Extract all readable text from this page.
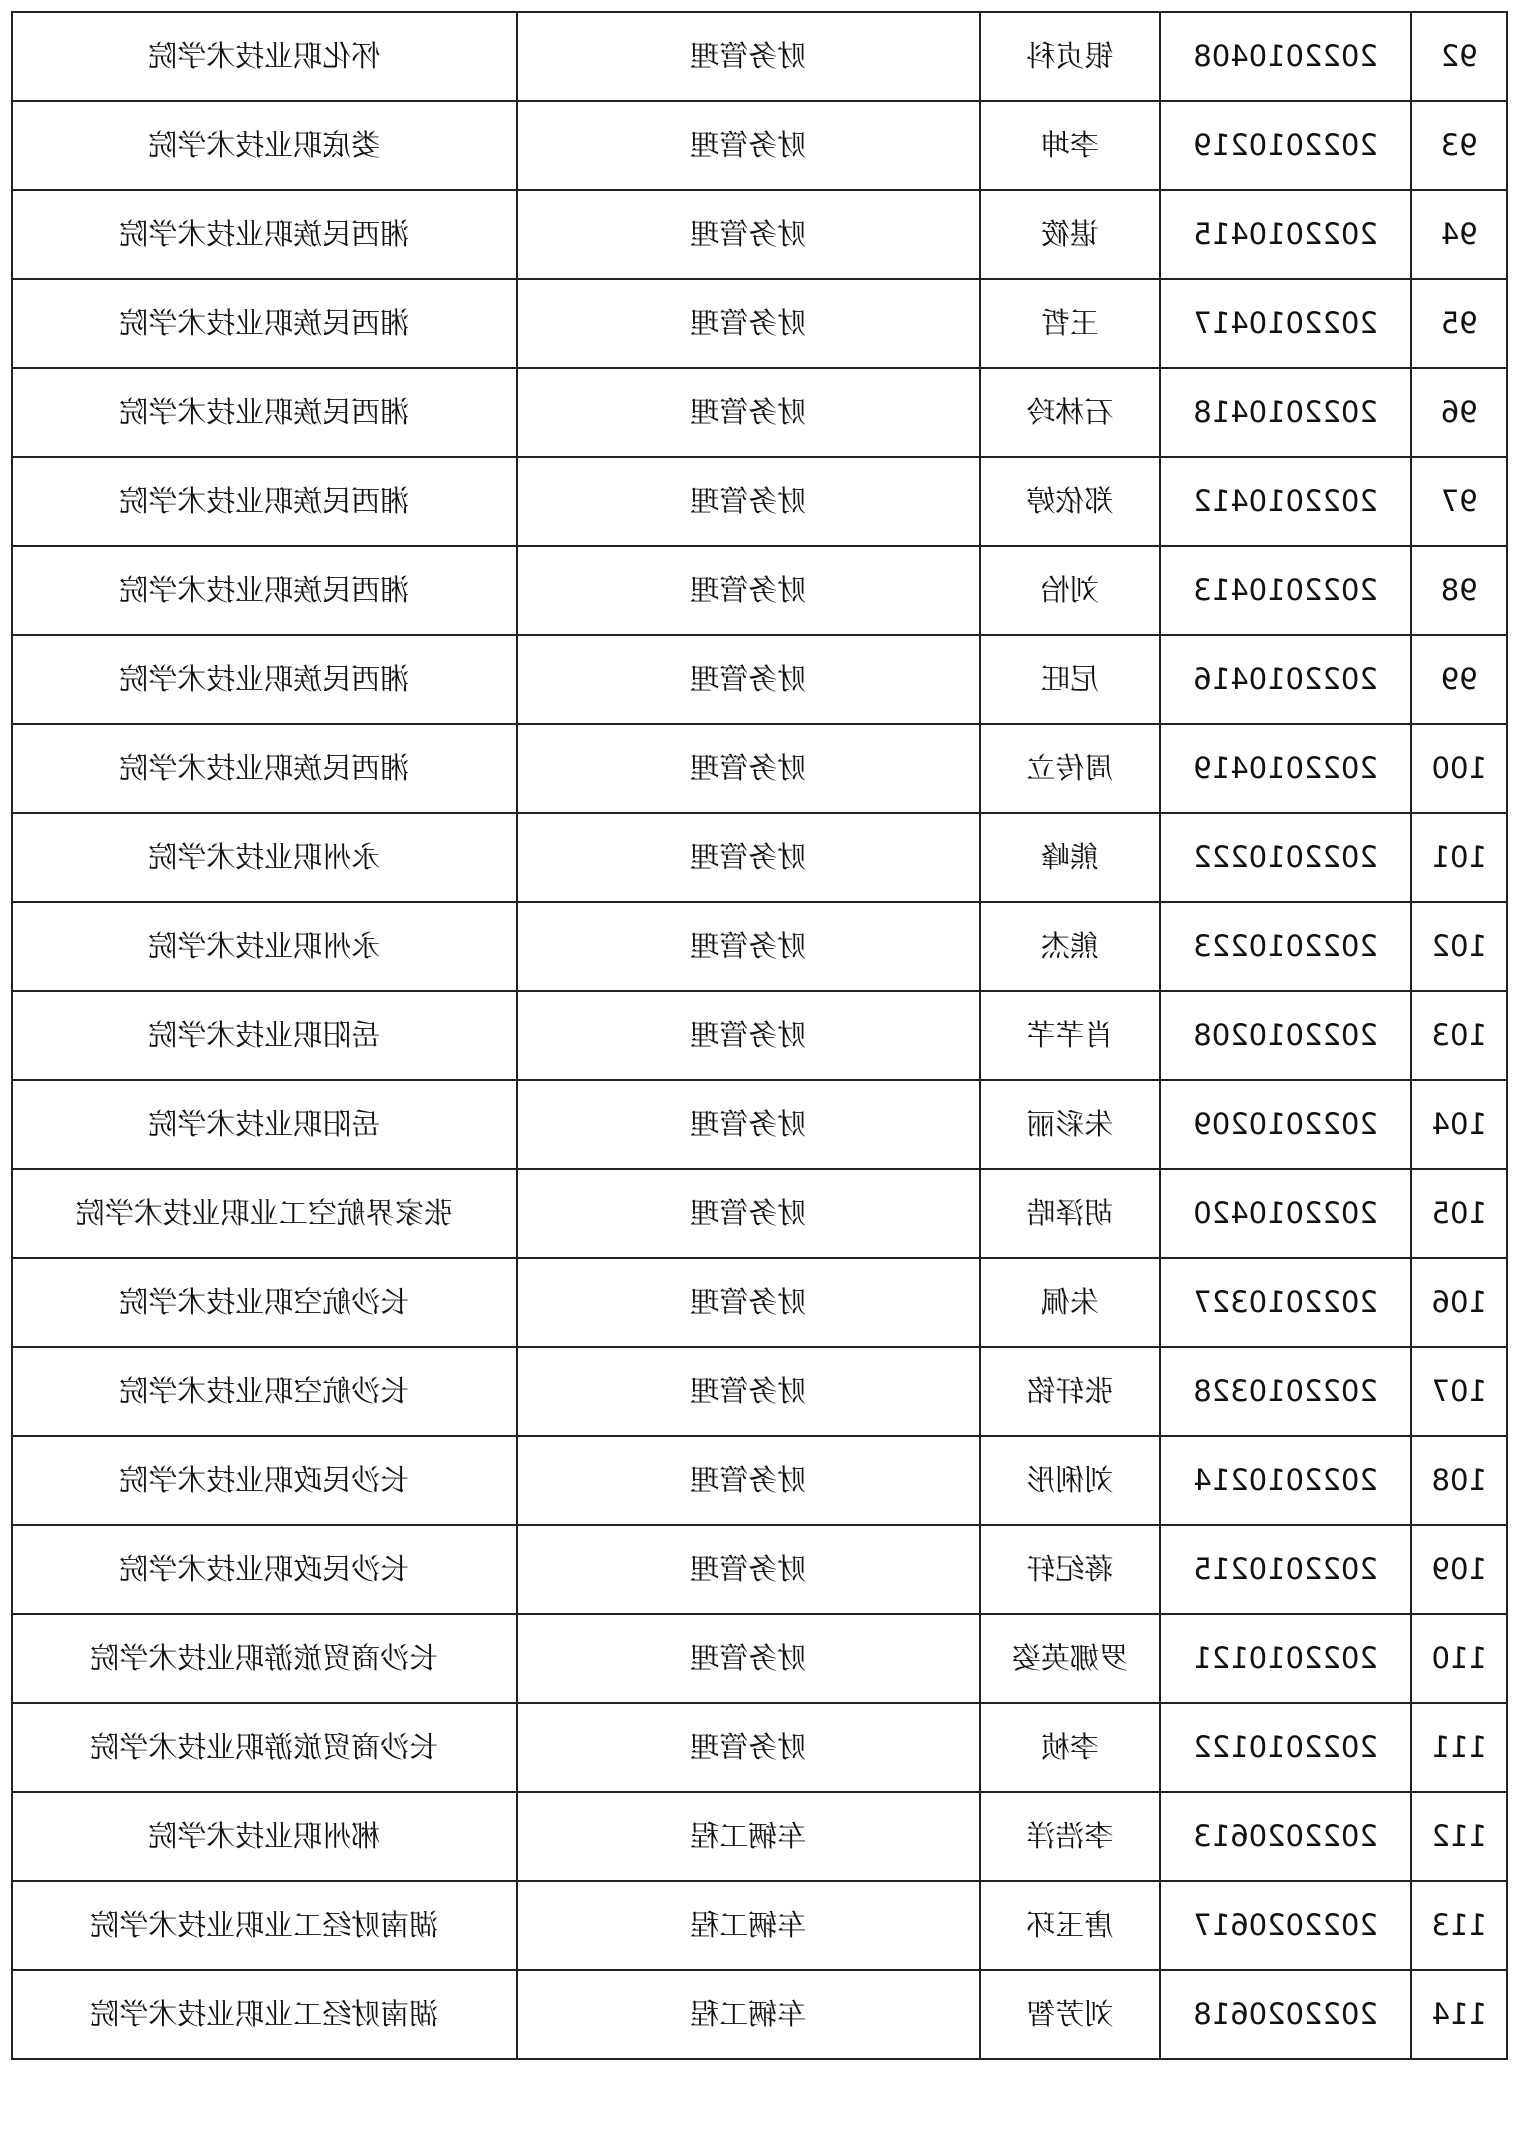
92	2022010408	银贞科	财务管理	怀化职业技术学院
93	2022010219	李坤	财务管理	娄底职业技术学院
94	2022010415	谌筱	财务管理	湘西民族职业技术学院
95	2022010417	王哲	财务管理	湘西民族职业技术学院
96	2022010418	石林玲	财务管理	湘西民族职业技术学院
97	2022010412	郑依婷	财务管理	湘西民族职业技术学院
98	2022010413	刘怡	财务管理	湘西民族职业技术学院
99	2022010416	尼旺	财务管理	湘西民族职业技术学院
100	2022010419	周传立	财务管理	湘西民族职业技术学院
101	2022010222	熊峰	财务管理	永州职业技术学院
102	2022010223	熊杰	财务管理	永州职业技术学院
103	2022010208	肖芊芊	财务管理	岳阳职业技术学院
104	2022010209	朱彩丽	财务管理	岳阳职业技术学院
105	2022010420	胡泽晧	财务管理	张家界航空工业职业技术学院
106	2022010327	朱佩	财务管理	长沙航空职业技术学院
107	2022010328	张轩铭	财务管理	长沙航空职业技术学院
108	2022010214	刘俐彤	财务管理	长沙民政职业技术学院
109	2022010215	蒋纪轩	财务管理	长沙民政职业技术学院
110	2022010121	罗娜英姿	财务管理	长沙商贸旅游职业技术学院
111	2022010122	李桢	财务管理	长沙商贸旅游职业技术学院
112	2022020613	李浩洋	车辆工程	郴州职业技术学院
113	2022020617	唐玉环	车辆工程	湖南财经工业职业技术学院
114	2022020618	刘芳智	车辆工程	湖南财经工业职业技术学院
